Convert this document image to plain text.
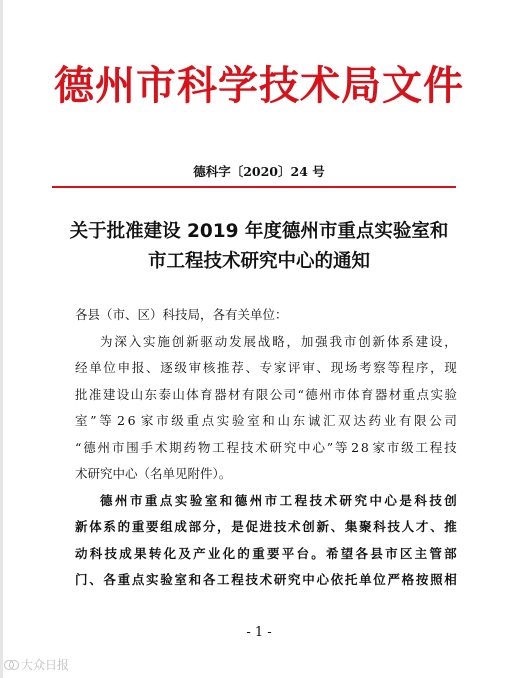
德州市科学技术局文件
德科字〔2020〕24 号
关于批准建设 2019 年度德州市重点实验室和
市工程技术研究中心的通知
各县（市、区）科技局，各有关单位：
为 深 入 实 施 创 新 驱 动 发 展 战 略 ， 加 强 我 市 创 新 体 系 建 设 ，
经 单 位 申 报 、 逐 级 审 核 推 荐 、 专 家 评 审 、 现 场 考 察 等 程 序 ， 现
批 准 建 设 山 东 泰 山 体 育 器 材 有 限 公 司 “ 德 州 市 体 育 器 材 重 点 实 验
室 ” 等 2 6 家 市 级 重 点 实 验 室 和 山 东 诚 汇 双 达 药 业 有 限 公 司
“ 德 州 市 围 手 术 期 药 物 工 程 技 术 研 究 中 心 ” 等 2 8 家 市 级 工 程 技
术研究中心（名单见附件）。
德 州 市 重 点 实 验 室 和 德 州 市 工 程 技 术 研 究 中 心 是 科 技 创
新 体 系 的 重 要 组 成 部 分 ， 是 促 进 技 术 创 新 、 集 聚 科 技 人 才 、 推
动 科 技 成 果 转 化 及 产 业 化 的 重 要 平 台 。 希 望 各 县 市 区 主 管 部
门 、 各 重 点 实 验 室 和 各 工 程 技 术 研 究 中 心 依 托 单 位 严 格 按 照 相
- 1 -
大众日报
